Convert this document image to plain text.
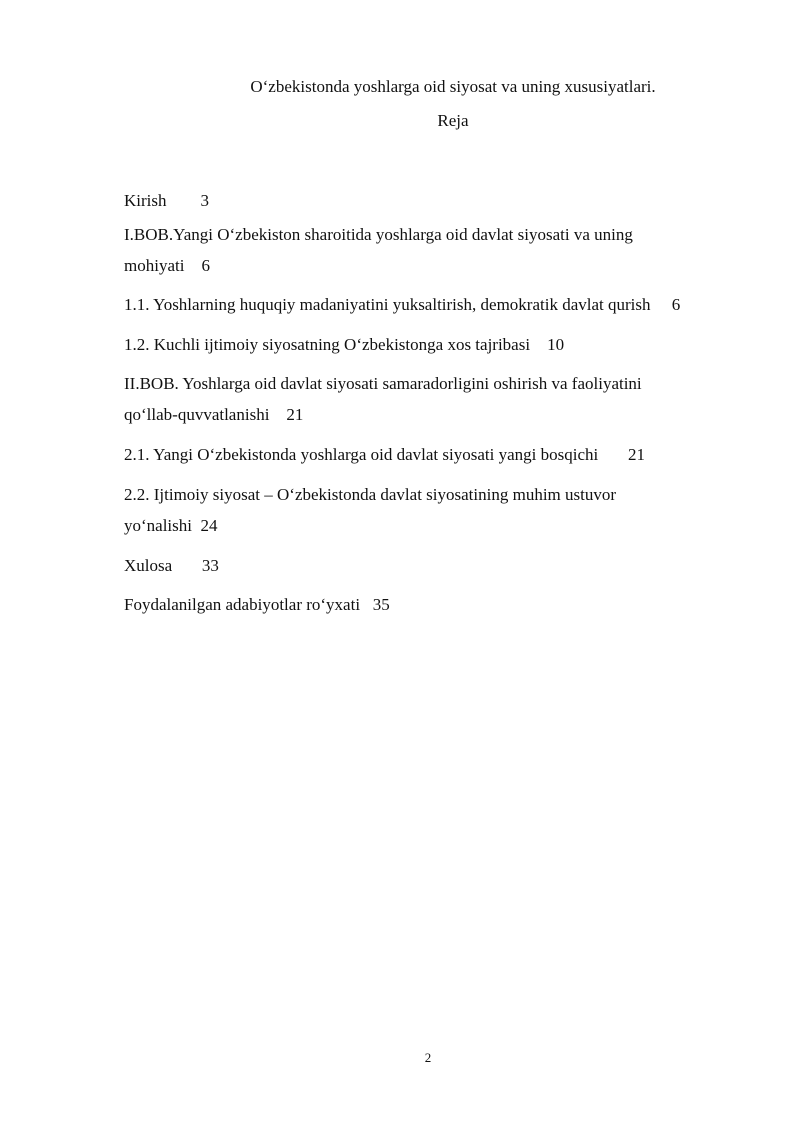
O‘zbekistonda yoshlarga oid siyosat va uning xususiyatlari.
Reja
Kirish 3
I.BOB.Yangi O‘zbekiston sharoitida yoshlarga oid davlat siyosati va uning
mohiyati 6
1.1. Yoshlarning huquqiy madaniyatini yuksaltirish, demokratik davlat qurish 6
1.2. Kuchli ijtimoiy siyosatning O‘zbekistonga xos tajribasi 10
II.BOB. Yoshlarga oid davlat siyosati samaradorligini oshirish va faoliyatini
qo‘llab-quvvatlanishi 21
2.1. Yangi O‘zbekistonda yoshlarga oid davlat siyosati yangi bosqichi 21
2.2. Ijtimoiy siyosat – O‘zbekistonda davlat siyosatining muhim ustuvor
yo‘nalishi 24
Xulosa 33
Foydalanilgan adabiyotlar ro‘yxati 35
2
